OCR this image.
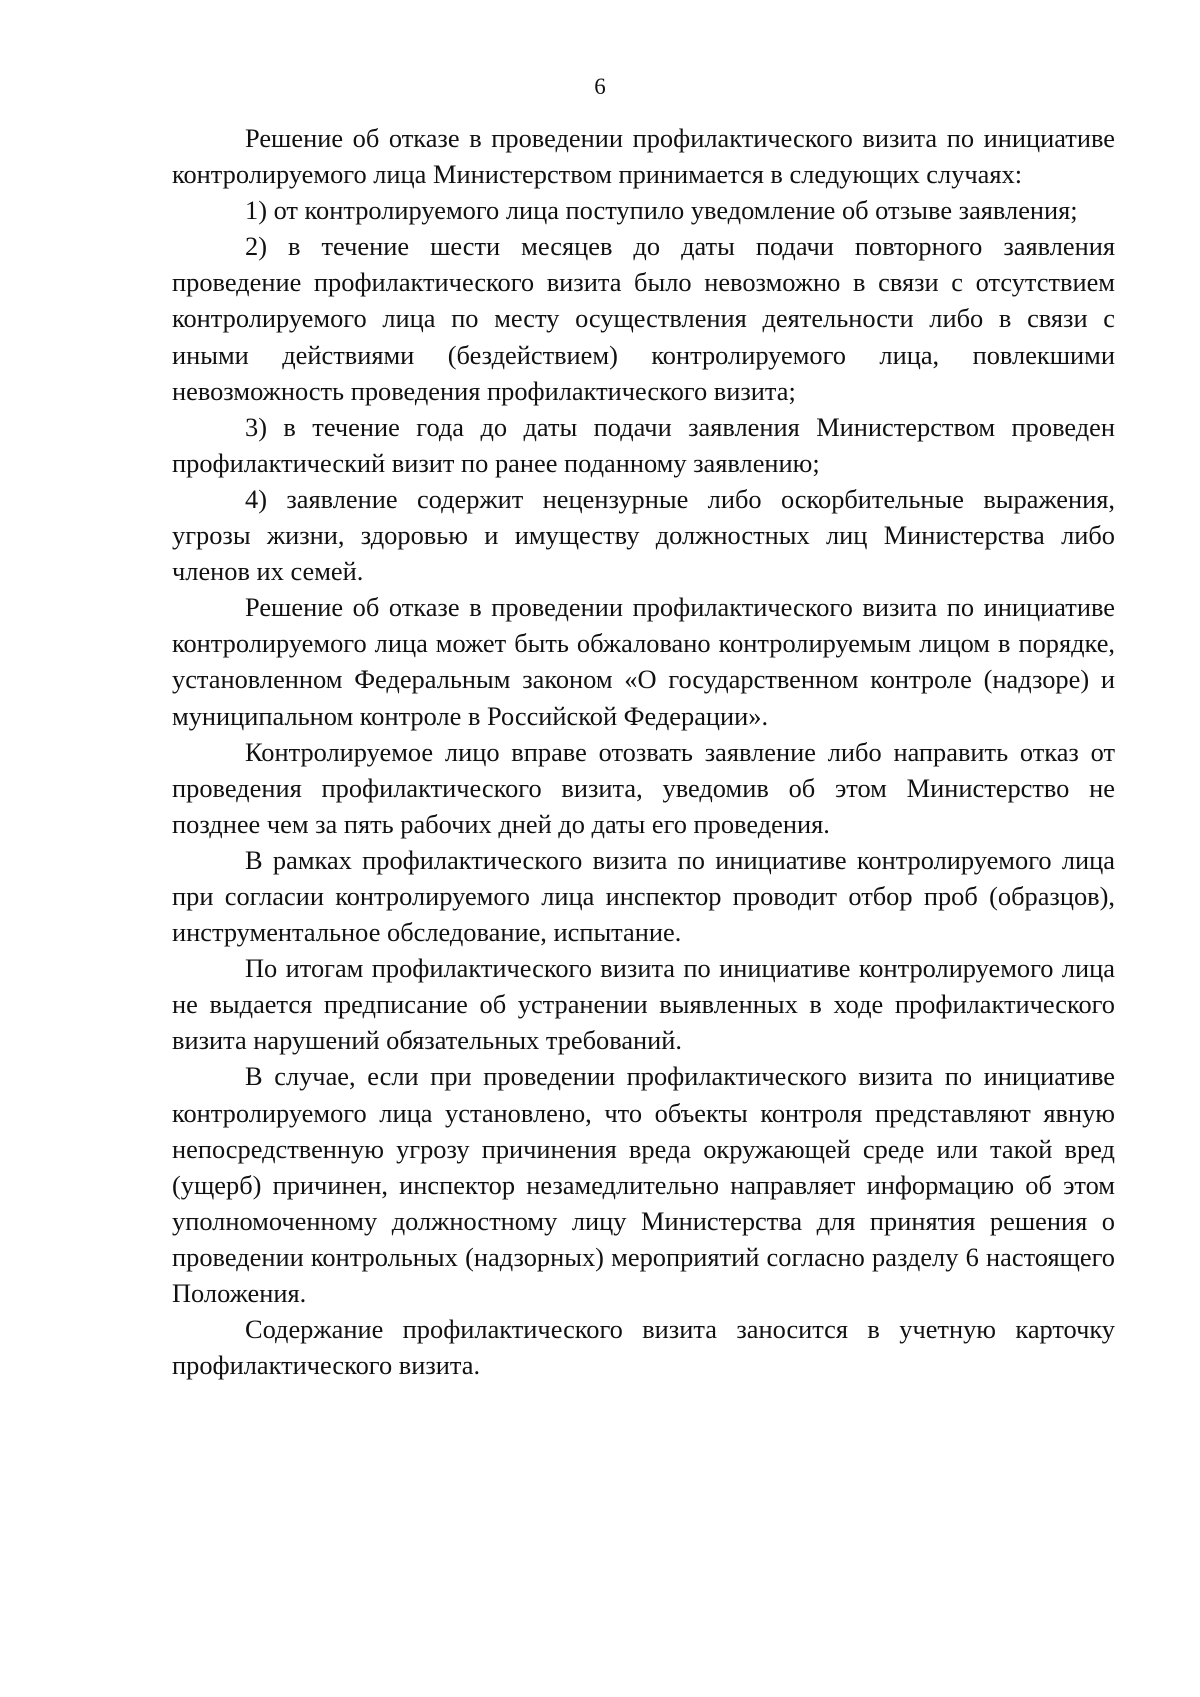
6

Решение об отказе в проведении профилактического визита по инициативе контролируемого лица Министерством принимается в следующих случаях:

1) от контролируемого лица поступило уведомление об отзыве заявления;

2) в течение шести месяцев до даты подачи повторного заявления проведение профилактического визита было невозможно в связи с отсутствием контролируемого лица по месту осуществления деятельности либо в связи с иными действиями (бездействием) контролируемого лица, повлекшими невозможность проведения профилактического визита;

3) в течение года до даты подачи заявления Министерством проведен профилактический визит по ранее поданному заявлению;

4) заявление содержит нецензурные либо оскорбительные выражения, угрозы жизни, здоровью и имуществу должностных лиц Министерства либо членов их семей.

Решение об отказе в проведении профилактического визита по инициативе контролируемого лица может быть обжаловано контролируемым лицом в порядке, установленном Федеральным законом «О государственном контроле (надзоре) и муниципальном контроле в Российской Федерации».

Контролируемое лицо вправе отозвать заявление либо направить отказ от проведения профилактического визита, уведомив об этом Министерство не позднее чем за пять рабочих дней до даты его проведения.

В рамках профилактического визита по инициативе контролируемого лица при согласии контролируемого лица инспектор проводит отбор проб (образцов), инструментальное обследование, испытание.

По итогам профилактического визита по инициативе контролируемого лица не выдается предписание об устранении выявленных в ходе профилактического визита нарушений обязательных требований.

В случае, если при проведении профилактического визита по инициативе контролируемого лица установлено, что объекты контроля представляют явную непосредственную угрозу причинения вреда окружающей среде или такой вред (ущерб) причинен, инспектор незамедлительно направляет информацию об этом уполномоченному должностному лицу Министерства для принятия решения о проведении контрольных (надзорных) мероприятий согласно разделу 6 настоящего Положения.

Содержание профилактического визита заносится в учетную карточку профилактического визита.
